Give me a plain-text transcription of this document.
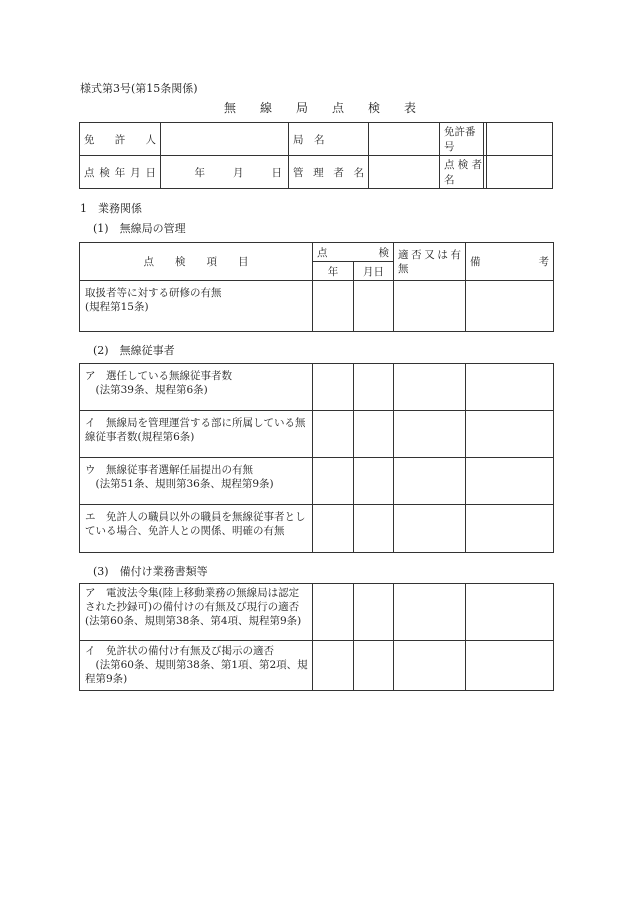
様式第3号(第15条関係)
無　　線　　局　　点　　検　　表
免　許　人		局　名		免許番号
点検年月日	年 月 日	管理者名		点検者名
1　業務関係
(1)　無線局の管理
点　　検　　項　　目	点　　　検		適否又は有　　無	備　　　　考
	年	月日		
取扱者等に対する研修の有無
(規程第15条)				
(2)　無線従事者
ア　選任している無線従事者数
　(法第39条、規程第6条)				
イ　無線局を管理運営する部に所属している無線従事者数(規程第6条)				
ウ　無線従事者選解任届提出の有無
　(法第51条、規則第36条、規程第9条)				
エ　免許人の職員以外の職員を無線従事者としている場合、免許人との関係、明確の有無				
(3)　備付け業務書類等
ア　電波法令集(陸上移動業務の無線局は認定された抄録可)の備付けの有無及び現行の適否(法第60条、規則第38条、第4項、規程第9条)				
イ　免許状の備付け有無及び掲示の適否
　(法第60条、規則第38条、第1項、第2項、規程第9条)				
